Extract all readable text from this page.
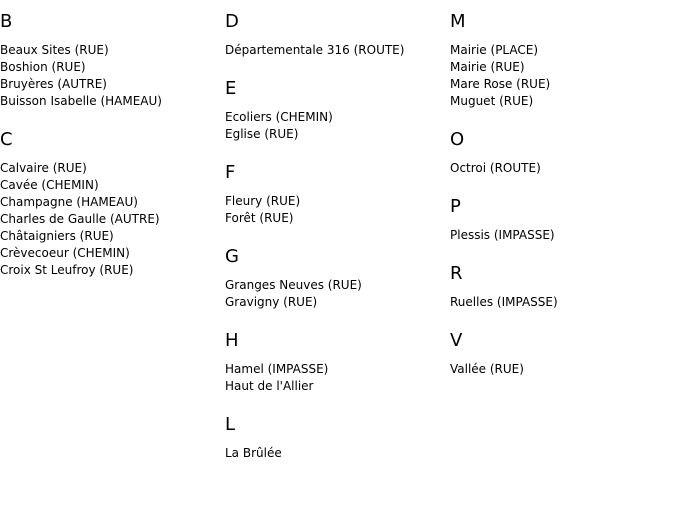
B
Beaux Sites (RUE)
Boshion (RUE)
Bruyères (AUTRE)
Buisson Isabelle (HAMEAU)
C
Calvaire (RUE)
Cavée (CHEMIN)
Champagne (HAMEAU)
Charles de Gaulle (AUTRE)
Châtaigniers (RUE)
Crèvecoeur (CHEMIN)
Croix St Leufroy (RUE)
D
Départementale 316 (ROUTE)
E
Ecoliers (CHEMIN)
Eglise (RUE)
F
Fleury (RUE)
Forêt (RUE)
G
Granges Neuves (RUE)
Gravigny (RUE)
H
Hamel (IMPASSE)
Haut de l'Allier
L
La Brûlée
M
Mairie (PLACE)
Mairie (RUE)
Mare Rose (RUE)
Muguet (RUE)
O
Octroi (ROUTE)
P
Plessis (IMPASSE)
R
Ruelles (IMPASSE)
V
Vallée (RUE)
